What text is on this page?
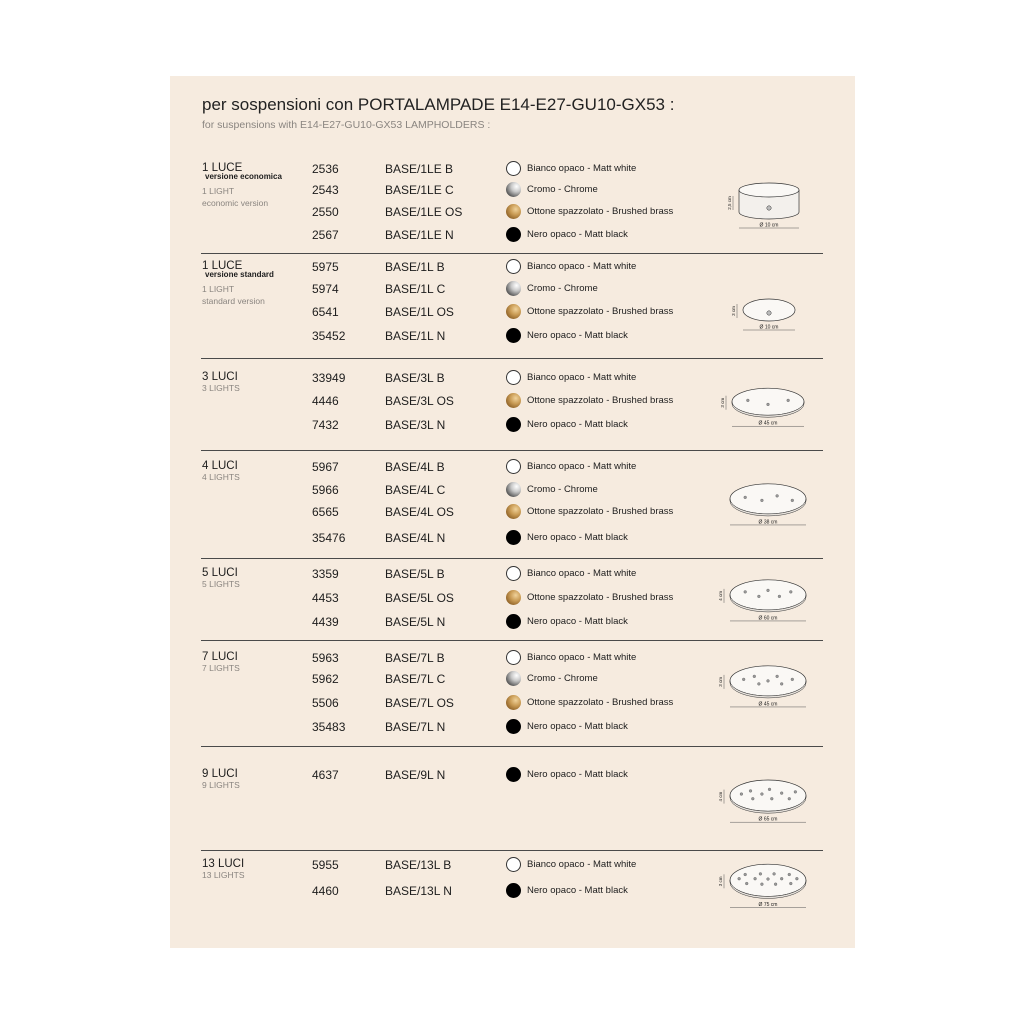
per sospensioni con PORTALAMPADE E14-E27-GU10-GX53 :
for suspensions with E14-E27-GU10-GX53 LAMPHOLDERS :
1 LUCE
versione economica
1 LIGHT
economic version
2536	BASE/1LE B	Bianco opaco - Matt white
2543	BASE/1LE C	Cromo - Chrome
2550	BASE/1LE OS	Ottone spazzolato - Brushed brass
2567	BASE/1LE N	Nero opaco - Matt black
Ø 10 cm
2,5 cm
1 LUCE
versione standard
1 LIGHT
standard version
5975	BASE/1L B	Bianco opaco - Matt white
5974	BASE/1L C	Cromo - Chrome
6541	BASE/1L OS	Ottone spazzolato - Brushed brass
35452	BASE/1L N	Nero opaco - Matt black
Ø 10 cm
3 cm
3 LUCI
3 LIGHTS
33949	BASE/3L B	Bianco opaco - Matt white
4446	BASE/3L OS	Ottone spazzolato - Brushed brass
7432	BASE/3L N	Nero opaco - Matt black	Ø 45 cm
3 cm
4 LUCI
4 LIGHTS
5967	BASE/4L B	Bianco opaco - Matt white
5966	BASE/4L C	Cromo - Chrome
6565	BASE/4L OS	Ottone spazzolato - Brushed brass
35476	BASE/4L N	Nero opaco - Matt black
Ø 38 cm
5 LUCI
5 LIGHTS
3359	BASE/5L B	Bianco opaco - Matt white
4453	BASE/5L OS	Ottone spazzolato - Brushed brass
4439	BASE/5L N	Nero opaco - Matt black	Ø 60 cm
4 cm
7 LUCI
7 LIGHTS
5963	BASE/7L B	Bianco opaco - Matt white
5962	BASE/7L C	Cromo - Chrome
5506	BASE/7L OS	Ottone spazzolato - Brushed brass
35483	BASE/7L N	Nero opaco - Matt black
Ø 45 cm
3 cm
9 LUCI
9 LIGHTS
4637	BASE/9L N	Nero opaco - Matt black
Ø 65 cm
4 cm
13 LUCI
13 LIGHTS
5955	BASE/13L B	Bianco opaco - Matt white
4460	BASE/13L N	Nero opaco - Matt black
Ø 75 cm
3 cm
